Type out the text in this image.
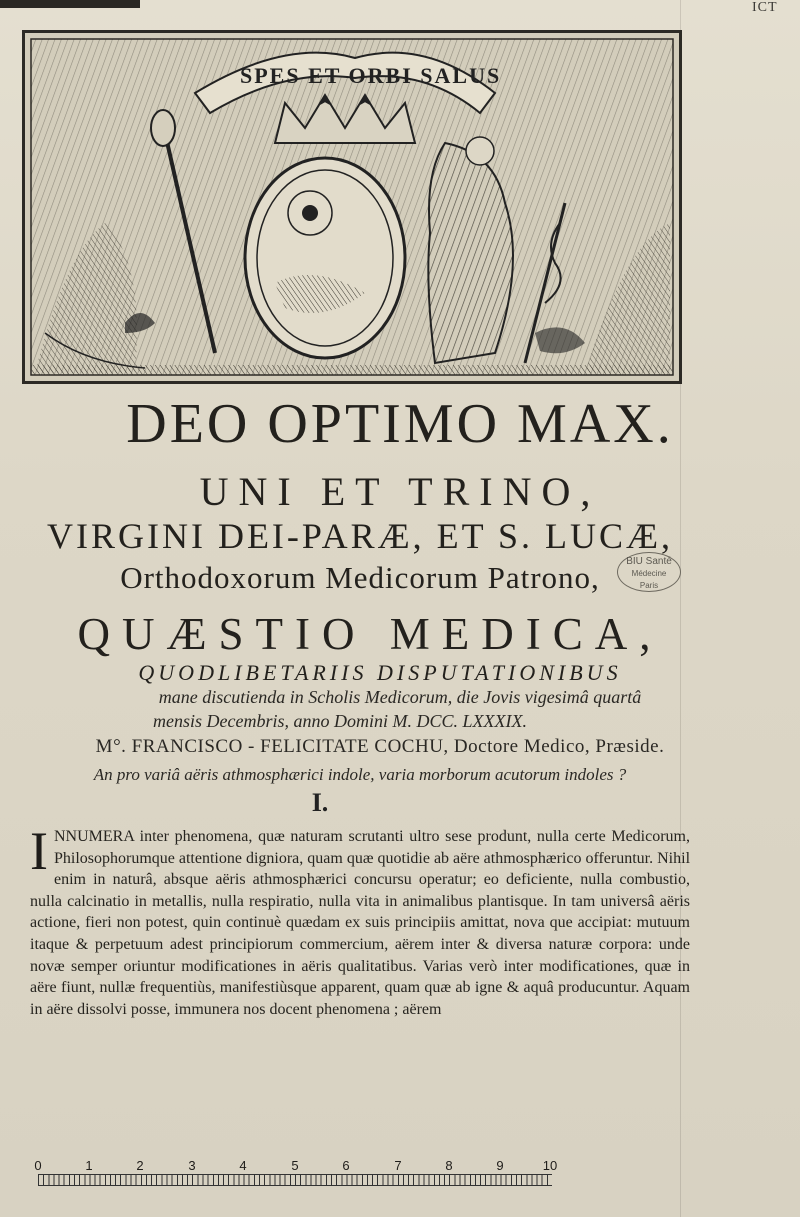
ICT
SPES ET ORBI SALUS
DEO OPTIMO MAX.
UNI ET TRINO,
VIRGINI DEI-PARÆ, ET S. LUCÆ,
Orthodoxorum Medicorum Patrono,	BIU Santé
Médecine
Paris
QUÆSTIO MEDICA,
QUODLIBETARIIS DISPUTATIONIBUS
mane discutienda in Scholis Medicorum, die Jovis vigesimâ quartâ
mensis Decembris, anno Domini M. DCC. LXXXIX.
M°. FRANCISCO - FELICITATE COCHU, Doctore Medico, Præside.
An pro variâ aëris athmosphærici indole, varia morborum acutorum indoles ?
I.
I NNUMERA inter phenomena, quæ naturam scrutanti ultro sese produnt, nulla certe Medicorum, Philosophorumque attentione digniora, quam quæ quotidie ab aëre athmosphærico offeruntur. Nihil enim in naturâ, absque aëris athmosphærici concursu operatur; eo deficiente, nulla combustio, nulla calcinatio in metallis, nulla respiratio, nulla vita in animalibus plantisque. In tam universâ aëris actione, fieri non potest, quin continuè quædam ex suis principiis amittat, nova que accipiat: mutuum itaque & perpetuum adest principiorum commercium, aërem inter & diversa naturæ corpora: unde novæ semper oriuntur modificationes in aëris qualitatibus. Varias verò inter modificationes, quæ in aëre fiunt, nullæ frequentiùs, manifestiùsque apparent, quam quæ ab igne & aquâ producuntur. Aquam in aëre dissolvi posse, immunera nos docent phenomena ; aërem

0	1	2	3	4	5	6	7	8	9	10
